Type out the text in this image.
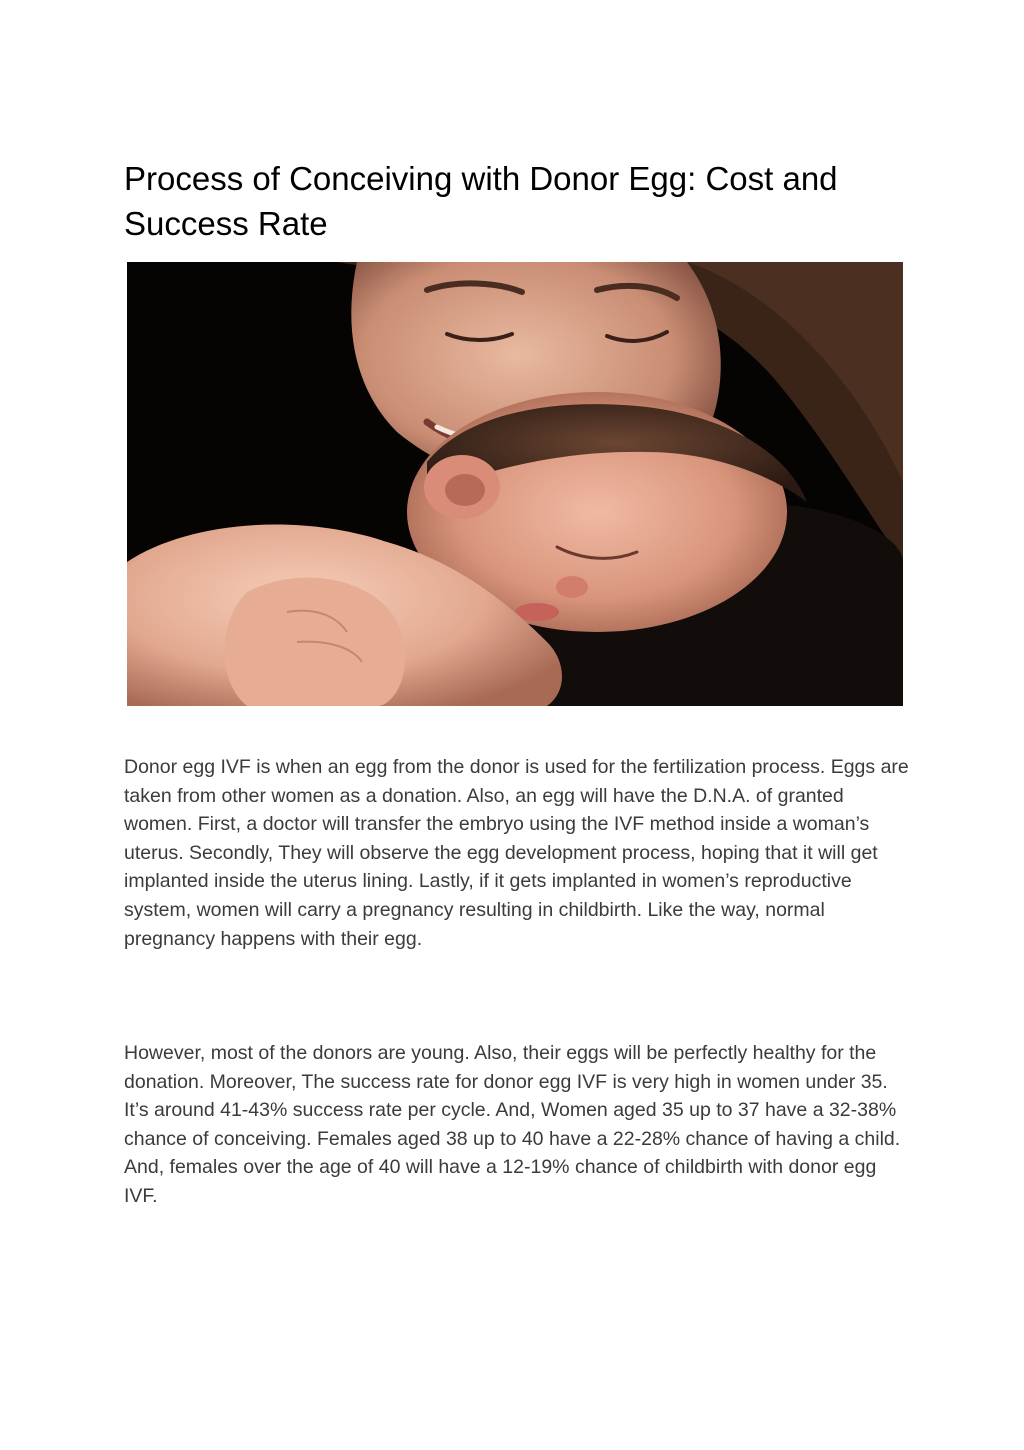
Process of Conceiving with Donor Egg: Cost and Success Rate

Donor egg IVF is when an egg from the donor is used for the fertilization process. Eggs are taken from other women as a donation. Also, an egg will have the D.N.A. of granted women. First, a doctor will transfer the embryo using the IVF method inside a woman’s uterus. Secondly, They will observe the egg development process, hoping that it will get implanted inside the uterus lining. Lastly, if it gets implanted in women’s reproductive system, women will carry a pregnancy resulting in childbirth. Like the way, normal pregnancy happens with their egg.

However, most of the donors are young. Also, their eggs will be perfectly healthy for the donation. Moreover, The success rate for donor egg IVF is very high in women under 35. It’s around 41-43% success rate per cycle. And, Women aged 35 up to 37 have a 32-38% chance of conceiving. Females aged 38 up to 40 have a 22-28% chance of having a child. And, females over the age of 40 will have a 12-19% chance of childbirth with donor egg IVF.
